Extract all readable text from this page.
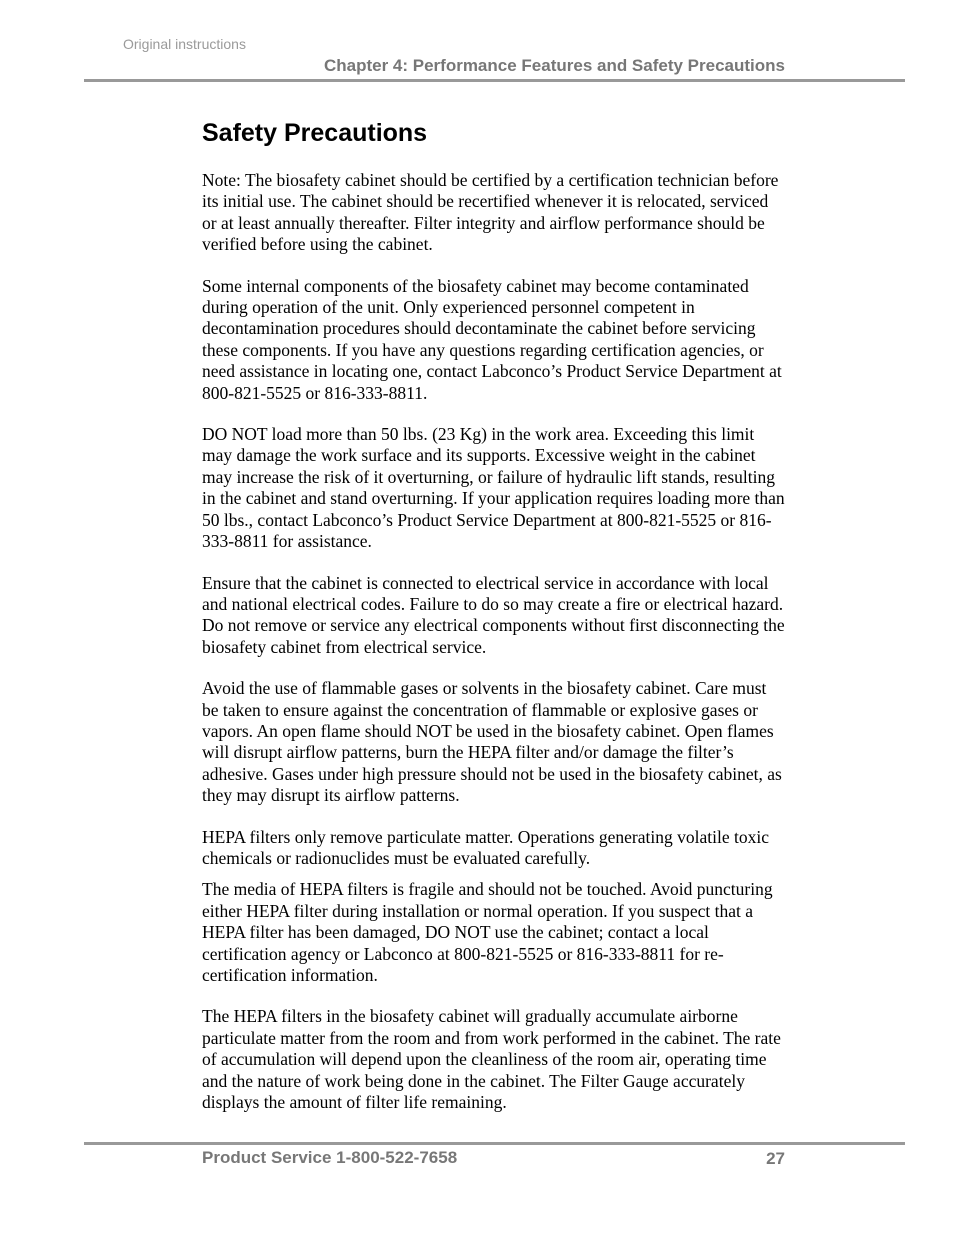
Original instructions
Chapter 4: Performance Features and Safety Precautions
Safety Precautions

Note: The biosafety cabinet should be certified by a certification technician before its initial use. The cabinet should be recertified whenever it is relocated, serviced or at least annually thereafter. Filter integrity and airflow performance should be verified before using the cabinet.

Some internal components of the biosafety cabinet may become contaminated during operation of the unit. Only experienced personnel competent in decontamination procedures should decontaminate the cabinet before servicing these components. If you have any questions regarding certification agencies, or need assistance in locating one, contact Labconco’s Product Service Department at 800-821-5525 or 816-333-8811.

DO NOT load more than 50 lbs. (23 Kg) in the work area. Exceeding this limit may damage the work surface and its supports. Excessive weight in the cabinet may increase the risk of it overturning, or failure of hydraulic lift stands, resulting in the cabinet and stand overturning. If your application requires loading more than 50 lbs., contact Labconco’s Product Service Department at 800-821-5525 or 816-333-8811 for assistance.

Ensure that the cabinet is connected to electrical service in accordance with local and national electrical codes. Failure to do so may create a fire or electrical hazard. Do not remove or service any electrical components without first disconnecting the biosafety cabinet from electrical service.

Avoid the use of flammable gases or solvents in the biosafety cabinet. Care must be taken to ensure against the concentration of flammable or explosive gases or vapors. An open flame should NOT be used in the biosafety cabinet. Open flames will disrupt airflow patterns, burn the HEPA filter and/or damage the filter’s adhesive. Gases under high pressure should not be used in the biosafety cabinet, as they may disrupt its airflow patterns.

HEPA filters only remove particulate matter. Operations generating volatile toxic chemicals or radionuclides must be evaluated carefully.

The media of HEPA filters is fragile and should not be touched. Avoid puncturing either HEPA filter during installation or normal operation. If you suspect that a HEPA filter has been damaged, DO NOT use the cabinet; contact a local certification agency or Labconco at 800-821-5525 or 816-333-8811 for re-certification information.

The HEPA filters in the biosafety cabinet will gradually accumulate airborne particulate matter from the room and from work performed in the cabinet. The rate of accumulation will depend upon the cleanliness of the room air, operating time and the nature of work being done in the cabinet. The Filter Gauge accurately displays the amount of filter life remaining.

Product Service 1-800-522-7658	27
